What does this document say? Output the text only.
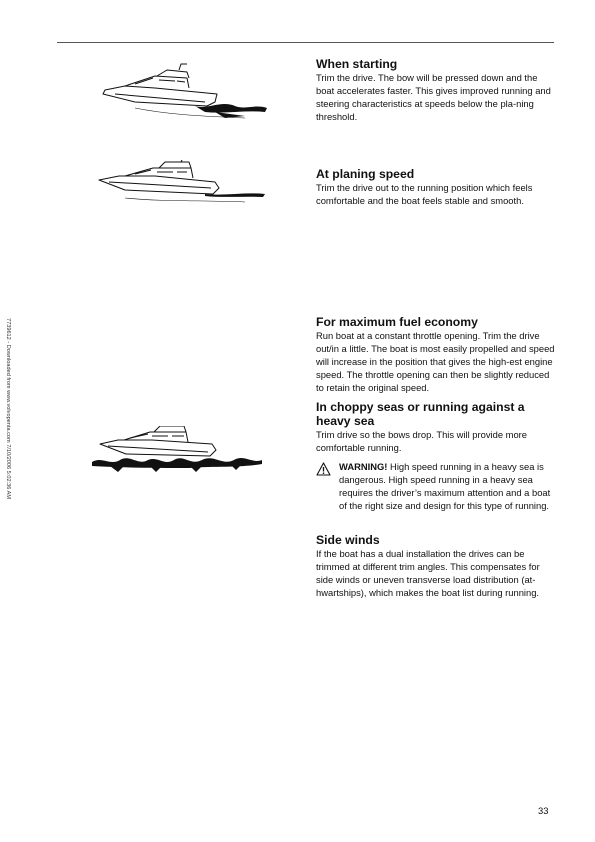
7739612 - Downloaded from www.volvopenta.com 7/10/2006 5:02:36 AM
When starting

Trim the drive. The bow will be pressed down and the boat accelerates faster. This gives improved running and steering characteristics at speeds below the pla-ning threshold.

At planing speed

Trim the drive out to the running position which feels comfortable and the boat feels stable and smooth.

For maximum fuel economy

Run boat at a constant throttle opening. Trim the drive out/in a little. The boat is most easily propelled and speed will increase in the position that gives the high-est engine speed. The throttle opening can then be slightly reduced to retain the original speed.

In choppy seas or running against a heavy sea

Trim drive so the bows drop. This will provide more comfortable running.

WARNING! High speed running in a heavy sea is dangerous. High speed running in a heavy sea requires the driver’s maximum attention and a boat of the right size and design for this type of running.
Side winds

If the boat has a dual installation the drives can be trimmed at different trim angles. This compensates for side winds or uneven transverse load distribution (at-hwartships), which makes the boat list during running.

33
